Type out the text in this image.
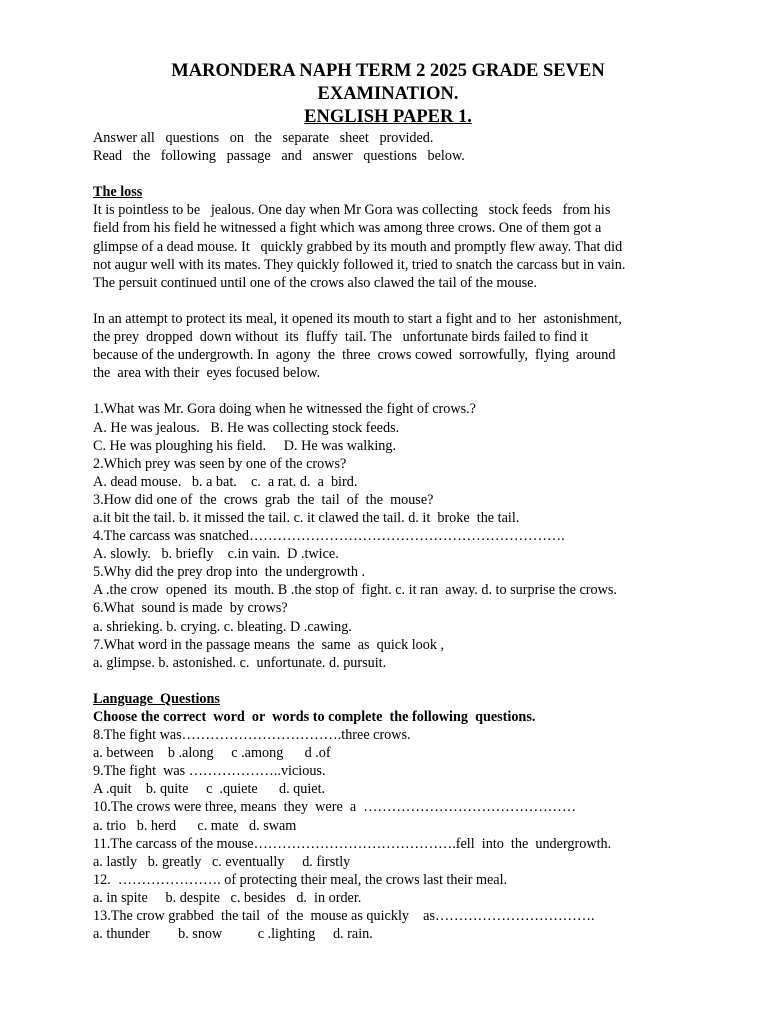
MARONDERA NAPH TERM 2 2025 GRADE SEVEN

EXAMINATION.

ENGLISH PAPER 1.

Answer all   questions   on   the   separate   sheet   provided.

Read   the   following   passage   and   answer   questions   below.

The loss

It is pointless to be   jealous. One day when Mr Gora was collecting   stock feeds   from his

field from his field he witnessed a fight which was among three crows. One of them got a

glimpse of a dead mouse. It   quickly grabbed by its mouth and promptly flew away. That did

not augur well with its mates. They quickly followed it, tried to snatch the carcass but in vain.

The persuit continued until one of the crows also clawed the tail of the mouse.

In an attempt to protect its meal, it opened its mouth to start a fight and to  her  astonishment,

the prey  dropped  down without  its  fluffy  tail. The   unfortunate birds failed to find it

because of the undergrowth. In  agony  the  three  crows cowed  sorrowfully,  flying  around

the  area with their  eyes focused below.

1.What was Mr. Gora doing when he witnessed the fight of crows.?

A. He was jealous.   B. He was collecting stock feeds.

C. He was ploughing his field.     D. He was walking.

2.Which prey was seen by one of the crows?

A. dead mouse.   b. a bat.    c.  a rat. d.  a  bird.

3.How did one of  the  crows  grab  the  tail  of  the  mouse?

a.it bit the tail. b. it missed the tail. c. it clawed the tail. d. it  broke  the tail.

4.The carcass was snatched………………………………………………………….

A. slowly.   b. briefly    c.in vain.  D .twice.

5.Why did the prey drop into  the undergrowth .

A .the crow  opened  its  mouth. B .the stop of  fight. c. it ran  away. d. to surprise the crows.

6.What  sound is made  by crows?

a. shrieking. b. crying. c. bleating. D .cawing.

7.What word in the passage means  the  same  as  quick look ,

a. glimpse. b. astonished. c.  unfortunate. d. pursuit.

Language  Questions

Choose the correct  word  or  words to complete  the following  questions.

8.The fight was…………………………….three crows.

a. between    b .along     c .among      d .of

9.The fight  was ………………..vicious.

A .quit    b. quite     c  .quiete      d. quiet.

10.The crows were three, means  they  were  a  ………………………………………

a. trio   b. herd      c. mate   d. swam

11.The carcass of the mouse…………………………………….fell  into  the  undergrowth.

a. lastly   b. greatly   c. eventually     d. firstly

12.  …………………. of protecting their meal, the crows last their meal.

a. in spite     b. despite   c. besides   d.  in order.

13.The crow grabbed  the tail  of  the  mouse as quickly    as…………………………….

a. thunder        b. snow          c .lighting     d. rain.
